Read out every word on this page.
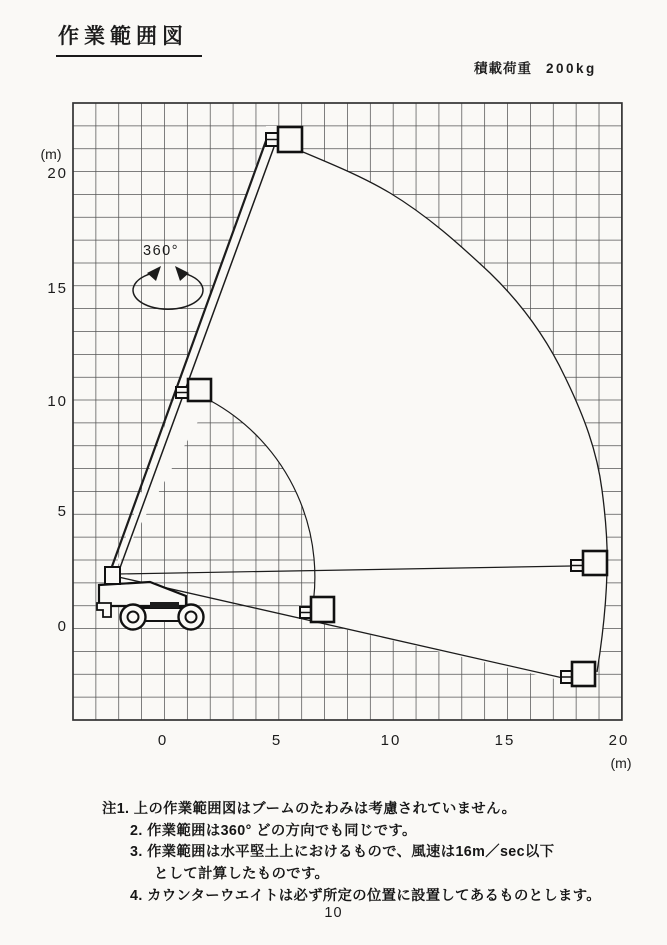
作業範囲図
積載荷重 200kg
(m)
20
15
10
5
0
0	5	10	15	20
(m)
360°
注1. 上の作業範囲図はブームのたわみは考慮されていません。
2. 作業範囲は360° どの方向でも同じです。
3. 作業範囲は水平堅土上におけるもので、風速は16m／sec以下
として計算したものです。
4. カウンターウエイトは必ず所定の位置に設置してあるものとします。
10
